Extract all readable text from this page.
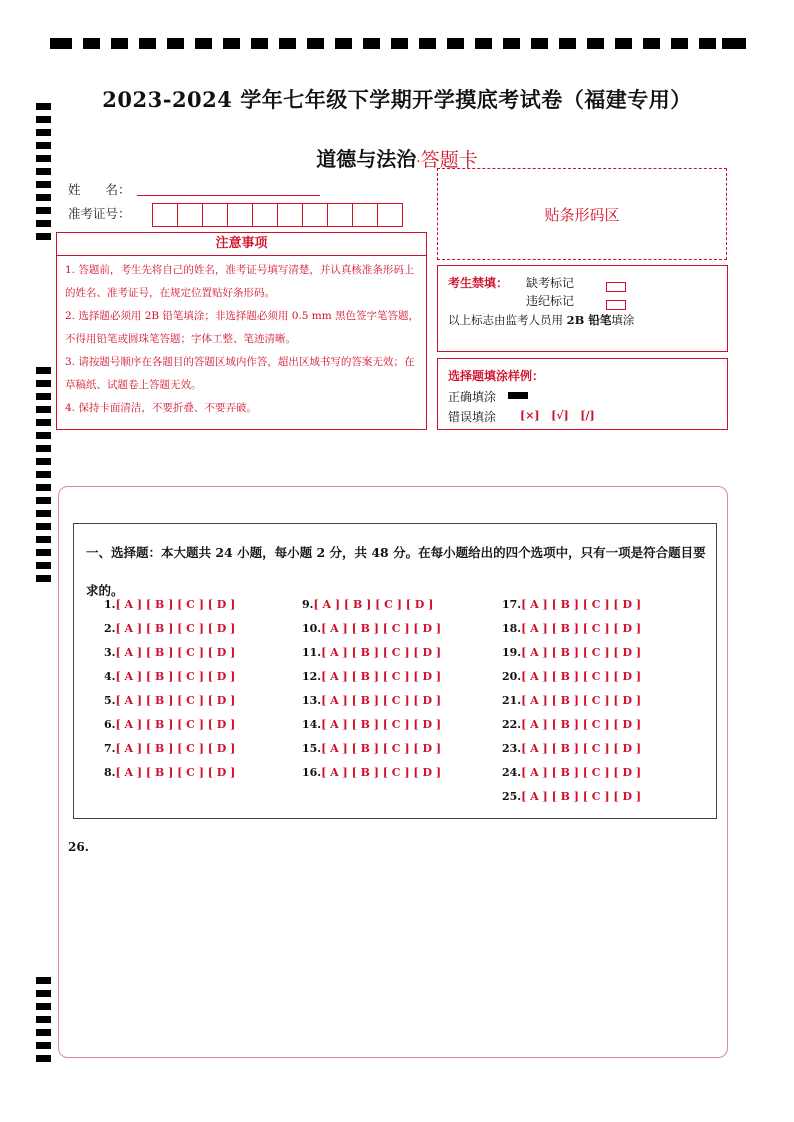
2023-2024 学年七年级下学期开学摸底考试卷（福建专用）
道德与法治·答题卡
姓　　名：
准考证号：	贴条形码区
注意事项
1. 答题前，考生先将自己的姓名，准考证号填写清楚，并认真核准条形码上的姓名、准考证号，在规定位置贴好条形码。
2. 选择题必须用 2B 铅笔填涂；非选择题必须用 0.5 mm 黑色签字笔答题，不得用铅笔或圆珠笔答题；字体工整、笔迹清晰。
3. 请按题号顺序在各题目的答题区域内作答，超出区域书写的答案无效；在草稿纸、试题卷上答题无效。
4. 保持卡面清洁，不要折叠、不要弄破。
考生禁填： 缺考标记
违纪标记
以上标志由监考人员用 2B 铅笔填涂
选择题填涂样例：
正确填涂
错误填涂 [×]   [√]   [/]
一、选择题：本大题共 24 小题，每小题 2 分，共 48 分。在每小题给出的四个选项中，只有一项是符合题目要求的。
1.[ A ] [ B ] [ C ] [ D ]
2.[ A ] [ B ] [ C ] [ D ]
3.[ A ] [ B ] [ C ] [ D ]
4.[ A ] [ B ] [ C ] [ D ]
5.[ A ] [ B ] [ C ] [ D ]
6.[ A ] [ B ] [ C ] [ D ]
7.[ A ] [ B ] [ C ] [ D ]
8.[ A ] [ B ] [ C ] [ D ]
9.[ A ] [ B ] [ C ] [ D ]
10.[ A ] [ B ] [ C ] [ D ]
11.[ A ] [ B ] [ C ] [ D ]
12.[ A ] [ B ] [ C ] [ D ]
13.[ A ] [ B ] [ C ] [ D ]
14.[ A ] [ B ] [ C ] [ D ]
15.[ A ] [ B ] [ C ] [ D ]
16.[ A ] [ B ] [ C ] [ D ]
17.[ A ] [ B ] [ C ] [ D ]
18.[ A ] [ B ] [ C ] [ D ]
19.[ A ] [ B ] [ C ] [ D ]
20.[ A ] [ B ] [ C ] [ D ]
21.[ A ] [ B ] [ C ] [ D ]
22.[ A ] [ B ] [ C ] [ D ]
23.[ A ] [ B ] [ C ] [ D ]
24.[ A ] [ B ] [ C ] [ D ]
25.[ A ] [ B ] [ C ] [ D ]
26.
